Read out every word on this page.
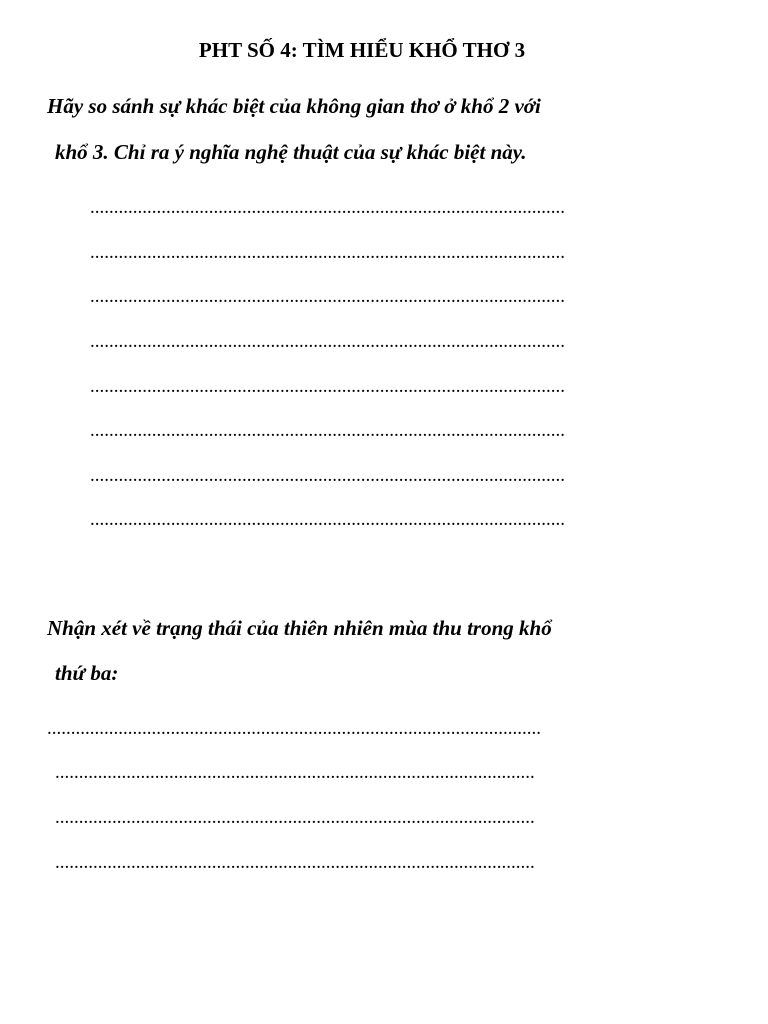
PHT SỐ 4: TÌM HIỂU KHỔ THƠ 3
Hãy so sánh sự khác biệt của không gian thơ ở khổ 2 với
khổ 3. Chỉ ra ý nghĩa nghệ thuật của sự khác biệt này.
....................................................................................................
....................................................................................................
....................................................................................................
....................................................................................................
....................................................................................................
....................................................................................................
....................................................................................................
....................................................................................................
Nhận xét về trạng thái của thiên nhiên mùa thu trong khổ
thứ ba:
........................................................................................................
.....................................................................................................
.....................................................................................................
.....................................................................................................
